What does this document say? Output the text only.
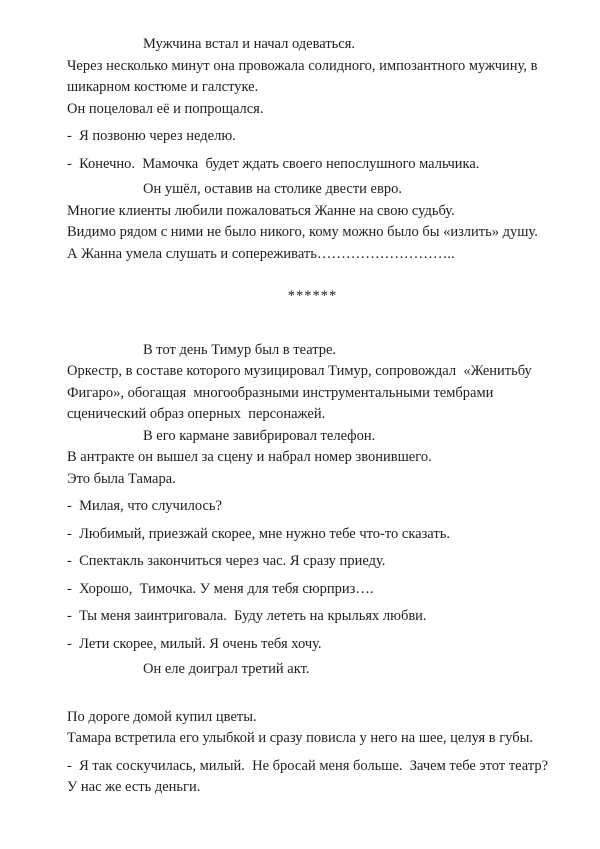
Мужчина встал и начал одеваться.
Через несколько минут она провожала солидного, импозантного мужчину, в
шикарном костюме и галстуке.
Он поцеловал её и попрощался.
-  Я позвоню через неделю.
-  Конечно.  Мамочка  будет ждать своего непослушного мальчика.
Он ушёл, оставив на столике двести евро.
Многие клиенты любили пожаловаться Жанне на свою судьбу.
Видимо рядом с ними не было никого, кому можно было бы «излить» душу.
А Жанна умела слушать и сопереживать………………………..
******
В тот день Тимур был в театре.
Оркестр, в составе которого музицировал Тимур, сопровождал  «Женитьбу
Фигаро», обогащая  многообразными инструментальными тембрами
сценический образ оперных  персонажей.
В его кармане завибрировал телефон.
В антракте он вышел за сцену и набрал номер звонившего.
Это была Тамара.
-  Милая, что случилось?
-  Любимый, приезжай скорее, мне нужно тебе что-то сказать.
-  Спектакль закончиться через час. Я сразу приеду.
-  Хорошо,  Тимочка. У меня для тебя сюрприз….
-  Ты меня заинтриговала.  Буду лететь на крыльях любви.
-  Лети скорее, милый. Я очень тебя хочу.
Он еле доиграл третий акт.
По дороге домой купил цветы.
Тамара встретила его улыбкой и сразу повисла у него на шее, целуя в губы.
-  Я так соскучилась, милый.  Не бросай меня больше.  Зачем тебе этот театр?
У нас же есть деньги.
